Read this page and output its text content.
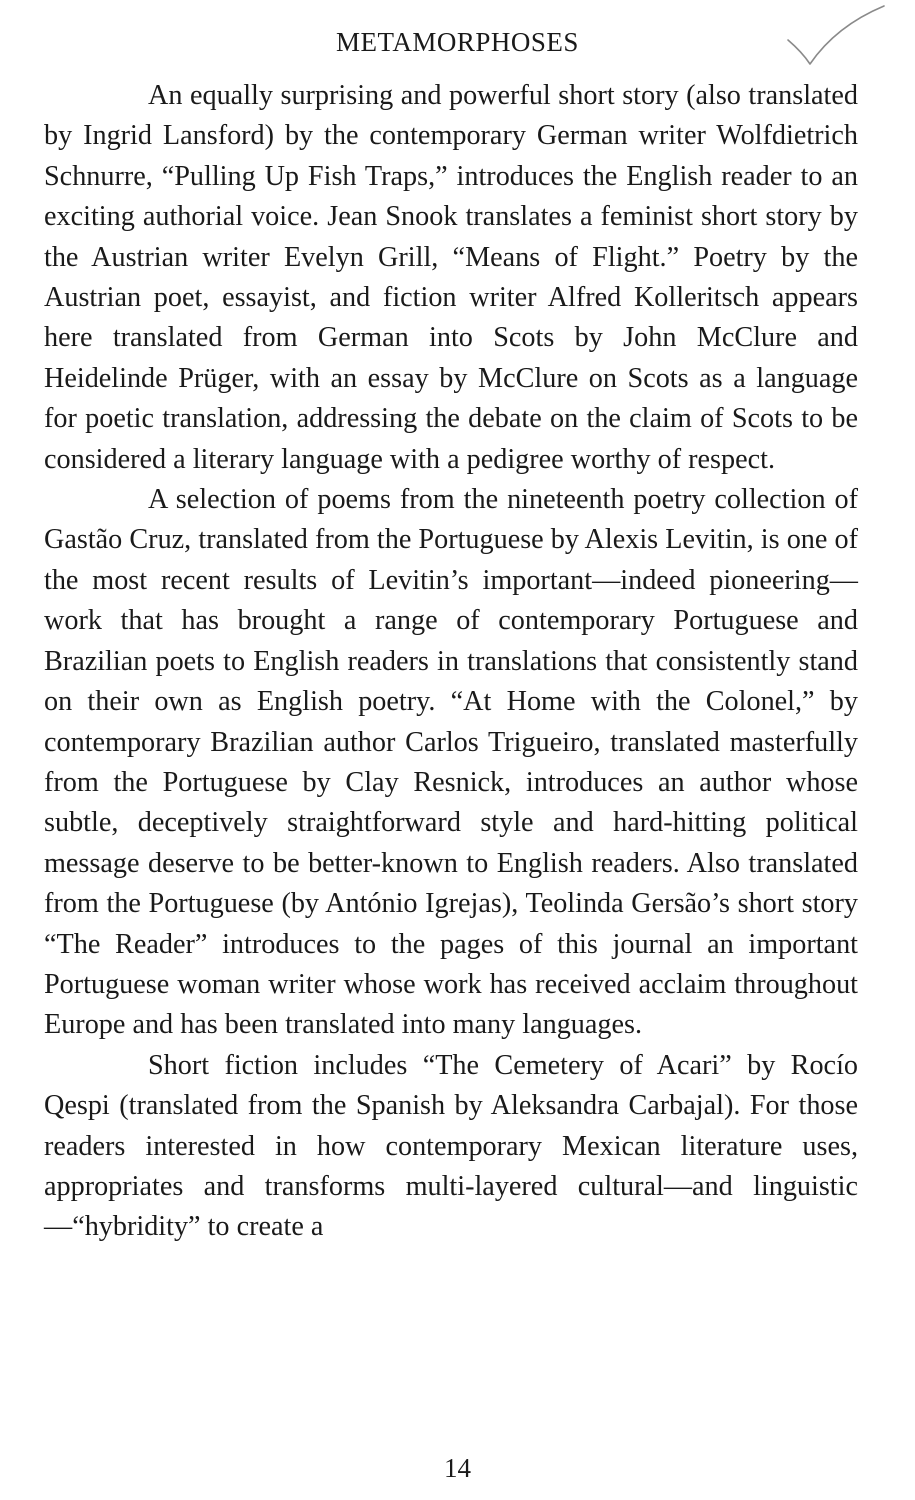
METAMORPHOSES

An equally surprising and powerful short story (also translated by Ingrid Lansford) by the contemporary German writer Wolfdietrich Schnurre, “Pulling Up Fish Traps,” introduces the English reader to an exciting authorial voice. Jean Snook translates a feminist short story by the Austrian writer Evelyn Grill, “Means of Flight.” Poetry by the Austrian poet, essayist, and fiction writer Alfred Kolleritsch appears here translated from German into Scots by John McClure and Heidelinde Prüger, with an essay by McClure on Scots as a language for poetic translation, addressing the debate on the claim of Scots to be considered a literary language with a pedigree worthy of respect.

A selection of poems from the nineteenth poetry collection of Gastão Cruz, translated from the Portuguese by Alexis Levitin, is one of the most recent results of Levitin’s important—indeed pioneering—work that has brought a range of contemporary Portuguese and Brazilian poets to English readers in translations that consistently stand on their own as English poetry. “At Home with the Colonel,” by contemporary Brazilian author Carlos Trigueiro, translated masterfully from the Portuguese by Clay Resnick, introduces an author whose subtle, deceptively straightforward style and hard-hitting political message deserve to be better-known to English readers. Also translated from the Portuguese (by António Igrejas), Teolinda Gersão’s short story “The Reader” introduces to the pages of this journal an important Portuguese woman writer whose work has received acclaim throughout Europe and has been translated into many languages.

Short fiction includes “The Cemetery of Acari” by Rocío Qespi (translated from the Spanish by Aleksandra Carbajal). For those readers interested in how contemporary Mexican literature uses, appropriates and transforms multi-layered cultural—and linguistic—“hybridity” to create a

14
